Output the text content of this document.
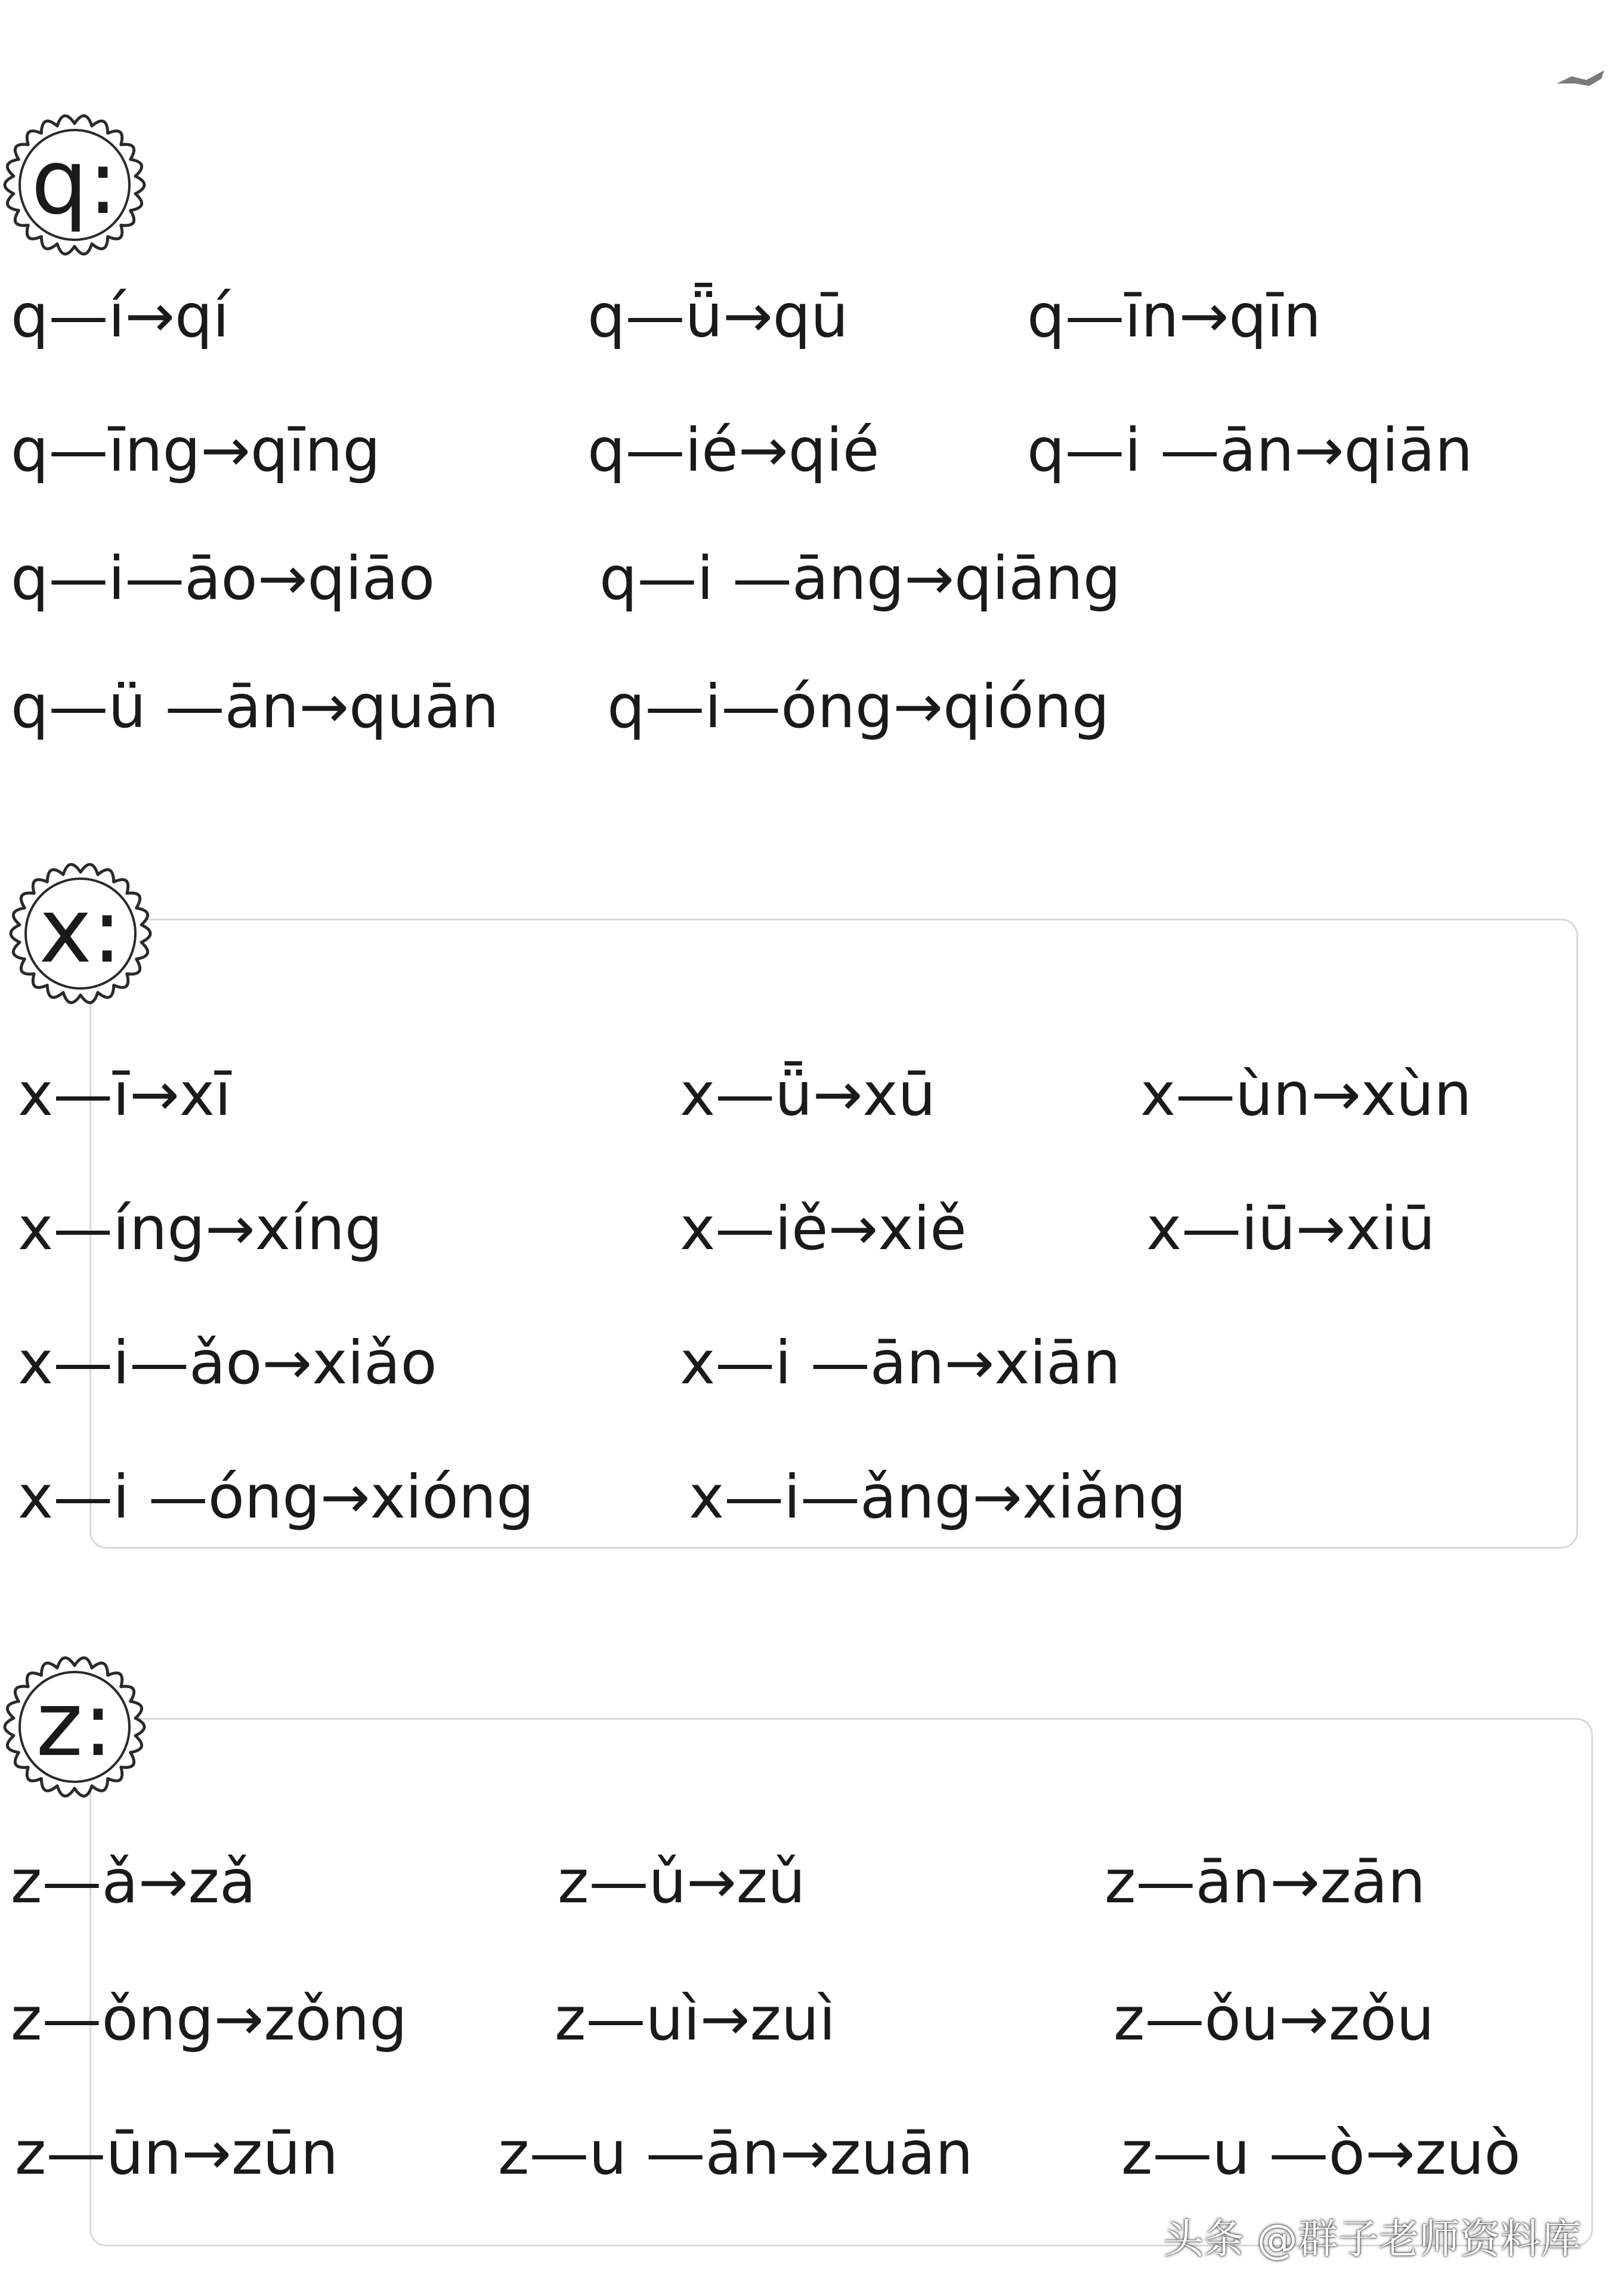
q:
q—í→qí	q—ǖ→qū	q—īn→qīn
q—īng→qīng	q—ié→qié q—i —ān→qiān
q—i—āo→qiāo	q—i —āng→qiāng
q—ü —ān→quān q—i—óng→qióng
x:
x—ī→xī	x—ǖ→xū	x—ùn→xùn
x—íng→xíng	x—iě→xiě	x—iū→xiū
x—i—ǎo→xiǎo	x—i —ān→xiān
x—i —óng→xióng	x—i—ǎng→xiǎng
z:
z—ǎ→zǎ	z—ǔ→zǔ	z—ān→zān
z—ǒng→zǒng z—uì→zuì	z—ǒu→zǒu
z—ūn→zūn	z—u —ān→zuān z—u —ò→zuò
头条 @群子老师资料库
